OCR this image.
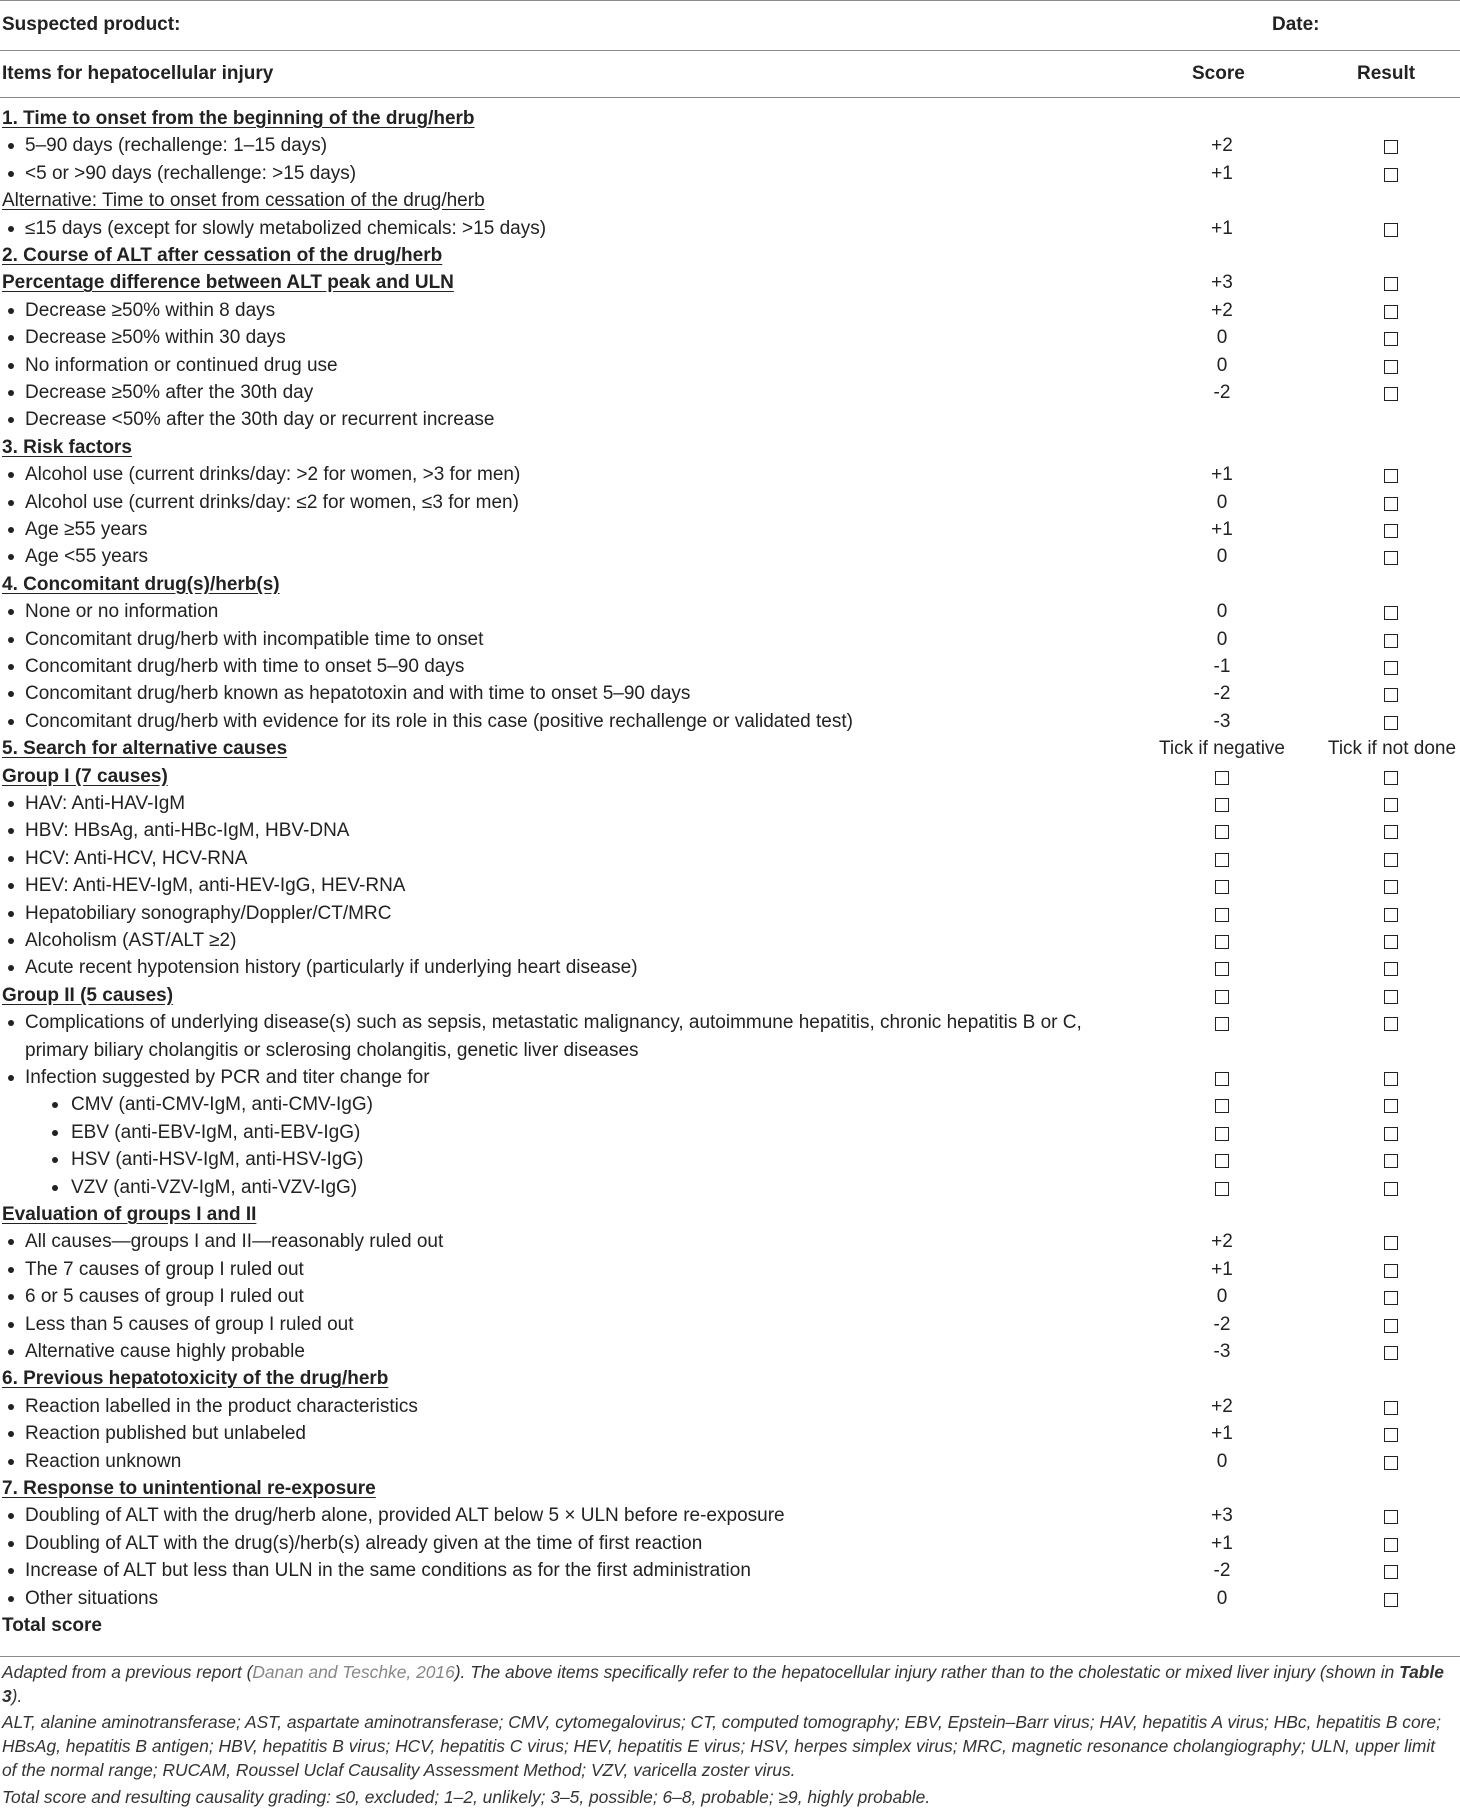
Suspected product:	Date:
Items for hepatocellular injury	Score	Result
1. Time to onset from the beginning of the drug/herb
5–90 days (rechallenge: 1–15 days)	+2
<5 or >90 days (rechallenge: >15 days)	+1
Alternative: Time to onset from cessation of the drug/herb
≤15 days (except for slowly metabolized chemicals: >15 days)	+1
2. Course of ALT after cessation of the drug/herb
Percentage difference between ALT peak and ULN	+3
Decrease ≥50% within 8 days	+2
Decrease ≥50% within 30 days	0
No information or continued drug use	0
Decrease ≥50% after the 30th day	-2
Decrease <50% after the 30th day or recurrent increase
3. Risk factors
Alcohol use (current drinks/day: >2 for women, >3 for men)	+1
Alcohol use (current drinks/day: ≤2 for women, ≤3 for men)	0
Age ≥55 years	+1
Age <55 years	0
4. Concomitant drug(s)/herb(s)
None or no information	0
Concomitant drug/herb with incompatible time to onset	0
Concomitant drug/herb with time to onset 5–90 days	-1
Concomitant drug/herb known as hepatotoxin and with time to onset 5–90 days	-2
Concomitant drug/herb with evidence for its role in this case (positive rechallenge or validated test)	-3
5. Search for alternative causes	Tick if negative	Tick if not done
Group I (7 causes)
HAV: Anti-HAV-IgM
HBV: HBsAg, anti-HBc-IgM, HBV-DNA
HCV: Anti-HCV, HCV-RNA
HEV: Anti-HEV-IgM, anti-HEV-IgG, HEV-RNA
Hepatobiliary sonography/Doppler/CT/MRC
Alcoholism (AST/ALT ≥2)
Acute recent hypotension history (particularly if underlying heart disease)
Group II (5 causes)
Complications of underlying disease(s) such as sepsis, metastatic malignancy, autoimmune hepatitis, chronic hepatitis B or C,
primary biliary cholangitis or sclerosing cholangitis, genetic liver diseases
Infection suggested by PCR and titer change for
CMV (anti-CMV-IgM, anti-CMV-IgG)
EBV (anti-EBV-IgM, anti-EBV-IgG)
HSV (anti-HSV-IgM, anti-HSV-IgG)
VZV (anti-VZV-IgM, anti-VZV-IgG)
Evaluation of groups I and II
All causes—groups I and II—reasonably ruled out	+2
The 7 causes of group I ruled out	+1
6 or 5 causes of group I ruled out	0
Less than 5 causes of group I ruled out	-2
Alternative cause highly probable	-3
6. Previous hepatotoxicity of the drug/herb
Reaction labelled in the product characteristics	+2
Reaction published but unlabeled	+1
Reaction unknown	0
7. Response to unintentional re-exposure
Doubling of ALT with the drug/herb alone, provided ALT below 5 × ULN before re-exposure	+3
Doubling of ALT with the drug(s)/herb(s) already given at the time of first reaction	+1
Increase of ALT but less than ULN in the same conditions as for the first administration	-2
Other situations	0
Total score
Adapted from a previous report (Danan and Teschke, 2016). The above items specifically refer to the hepatocellular injury rather than to the cholestatic or mixed liver injury (shown in Table 3).
ALT, alanine aminotransferase; AST, aspartate aminotransferase; CMV, cytomegalovirus; CT, computed tomography; EBV, Epstein–Barr virus; HAV, hepatitis A virus; HBc, hepatitis B core; HBsAg, hepatitis B antigen; HBV, hepatitis B virus; HCV, hepatitis C virus; HEV, hepatitis E virus; HSV, herpes simplex virus; MRC, magnetic resonance cholangiography; ULN, upper limit of the normal range; RUCAM, Roussel Uclaf Causality Assessment Method; VZV, varicella zoster virus.
Total score and resulting causality grading: ≤0, excluded; 1–2, unlikely; 3–5, possible; 6–8, probable; ≥9, highly probable.
